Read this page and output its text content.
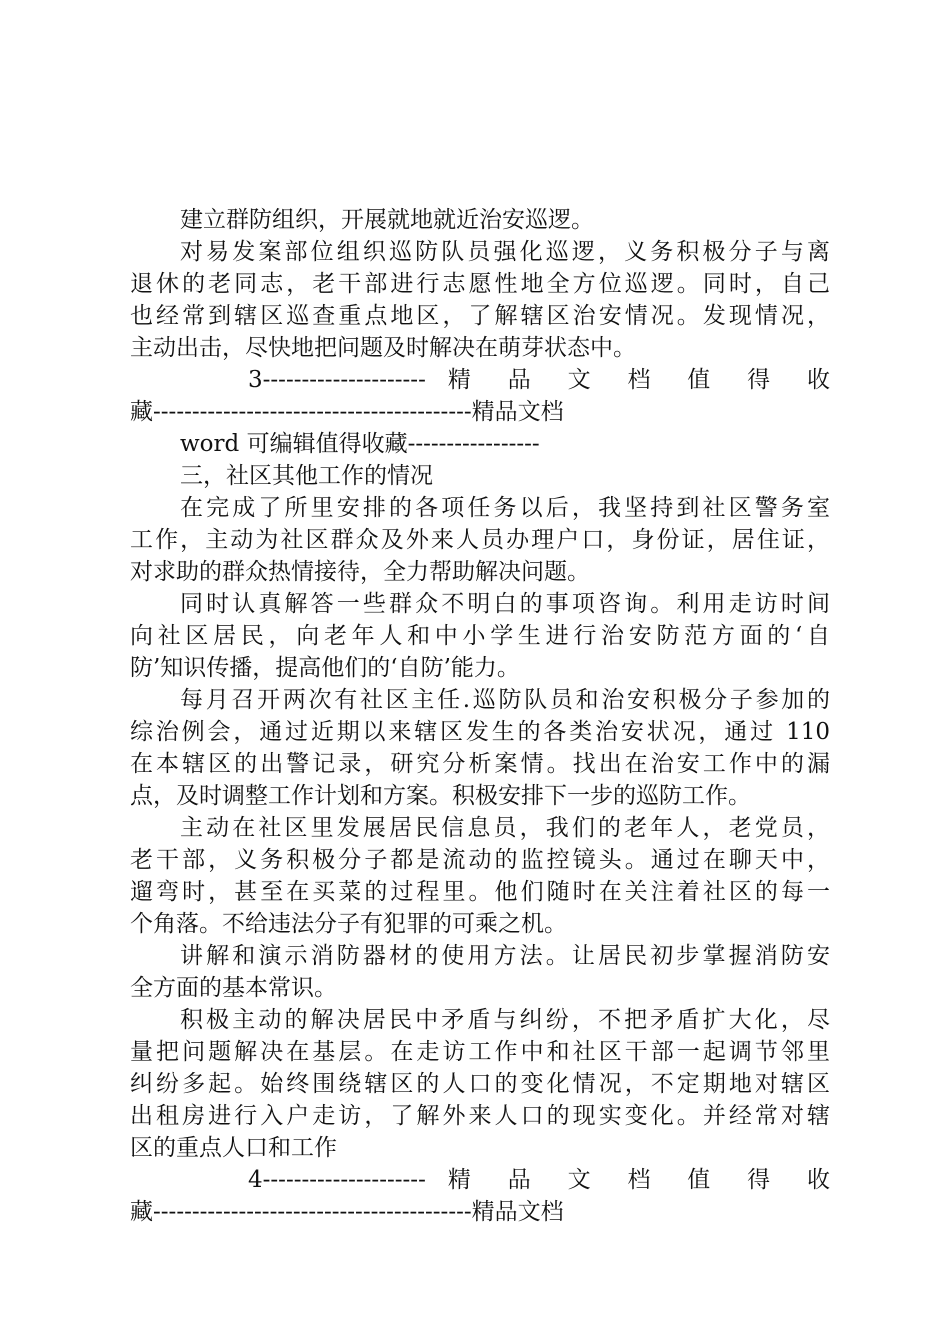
建立群防组织，开展就地就近治安巡逻。
对易发案部位组织巡防队员强化巡逻，义务积极分子与离
退休的老同志，老干部进行志愿性地全方位巡逻。同时，自己
也经常到辖区巡查重点地区，了解辖区治安情况。发现情况，
主动出击，尽快地把问题及时解决在萌芽状态中。
3--------------------- 精 品 文 档 值 得 收
藏-----------------------------------------精品文档
word 可编辑值得收藏-----------------
三，社区其他工作的情况
在完成了所里安排的各项任务以后，我坚持到社区警务室
工作，主动为社区群众及外来人员办理户口，身份证，居住证，
对求助的群众热情接待，全力帮助解决问题。
同时认真解答一些群众不明白的事项咨询。利用走访时间
向社区居民，向老年人和中小学生进行治安防范方面的‘自
防’知识传播，提高他们的‘自防’能力。
每月召开两次有社区主任.巡防队员和治安积极分子参加的
综治例会，通过近期以来辖区发生的各类治安状况，通过 110
在本辖区的出警记录，研究分析案情。找出在治安工作中的漏
点，及时调整工作计划和方案。积极安排下一步的巡防工作。
主动在社区里发展居民信息员，我们的老年人，老党员，
老干部，义务积极分子都是流动的监控镜头。通过在聊天中，
遛弯时，甚至在买菜的过程里。他们随时在关注着社区的每一
个角落。不给违法分子有犯罪的可乘之机。
讲解和演示消防器材的使用方法。让居民初步掌握消防安
全方面的基本常识。
积极主动的解决居民中矛盾与纠纷，不把矛盾扩大化，尽
量把问题解决在基层。在走访工作中和社区干部一起调节邻里
纠纷多起。始终围绕辖区的人口的变化情况，不定期地对辖区
出租房进行入户走访，了解外来人口的现实变化。并经常对辖
区的重点人口和工作
4--------------------- 精 品 文 档 值 得 收
藏-----------------------------------------精品文档
